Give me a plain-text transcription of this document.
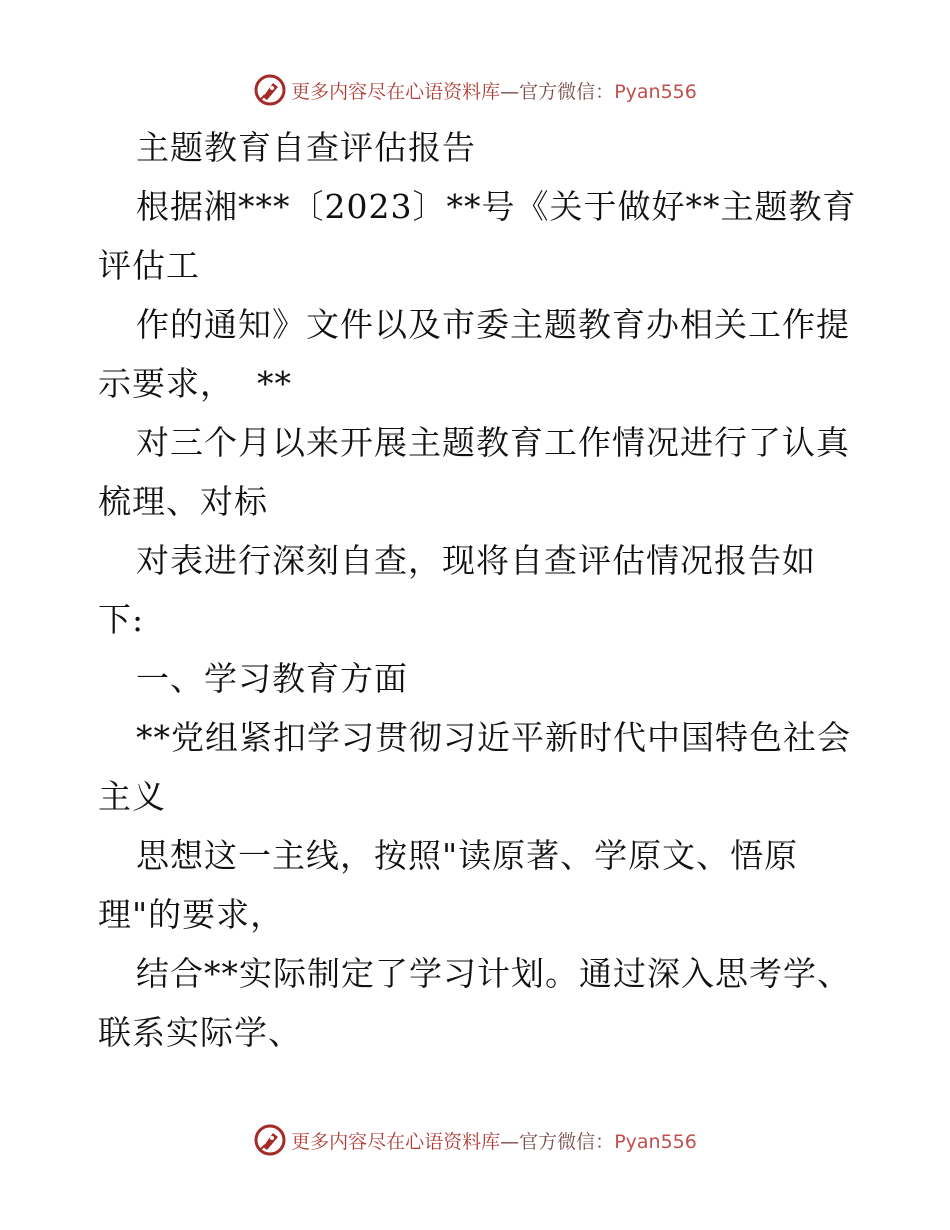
更多内容尽在心语资料库—官方微信：Pyan556
主题教育自查评估报告
根据湘***〔2023〕**号《关于做好**主题教育
评估工
作的通知》文件以及市委主题教育办相关工作提
示要求，  **
对三个月以来开展主题教育工作情况进行了认真
梳理、对标
对表进行深刻自查，现将自查评估情况报告如
下:
一、学习教育方面
**党组紧扣学习贯彻习近平新时代中国特色社会
主义
思想这一主线，按照"读原著、学原文、悟原
理"的要求，
结合**实际制定了学习计划。通过深入思考学、
联系实际学、
更多内容尽在心语资料库—官方微信：Pyan556
